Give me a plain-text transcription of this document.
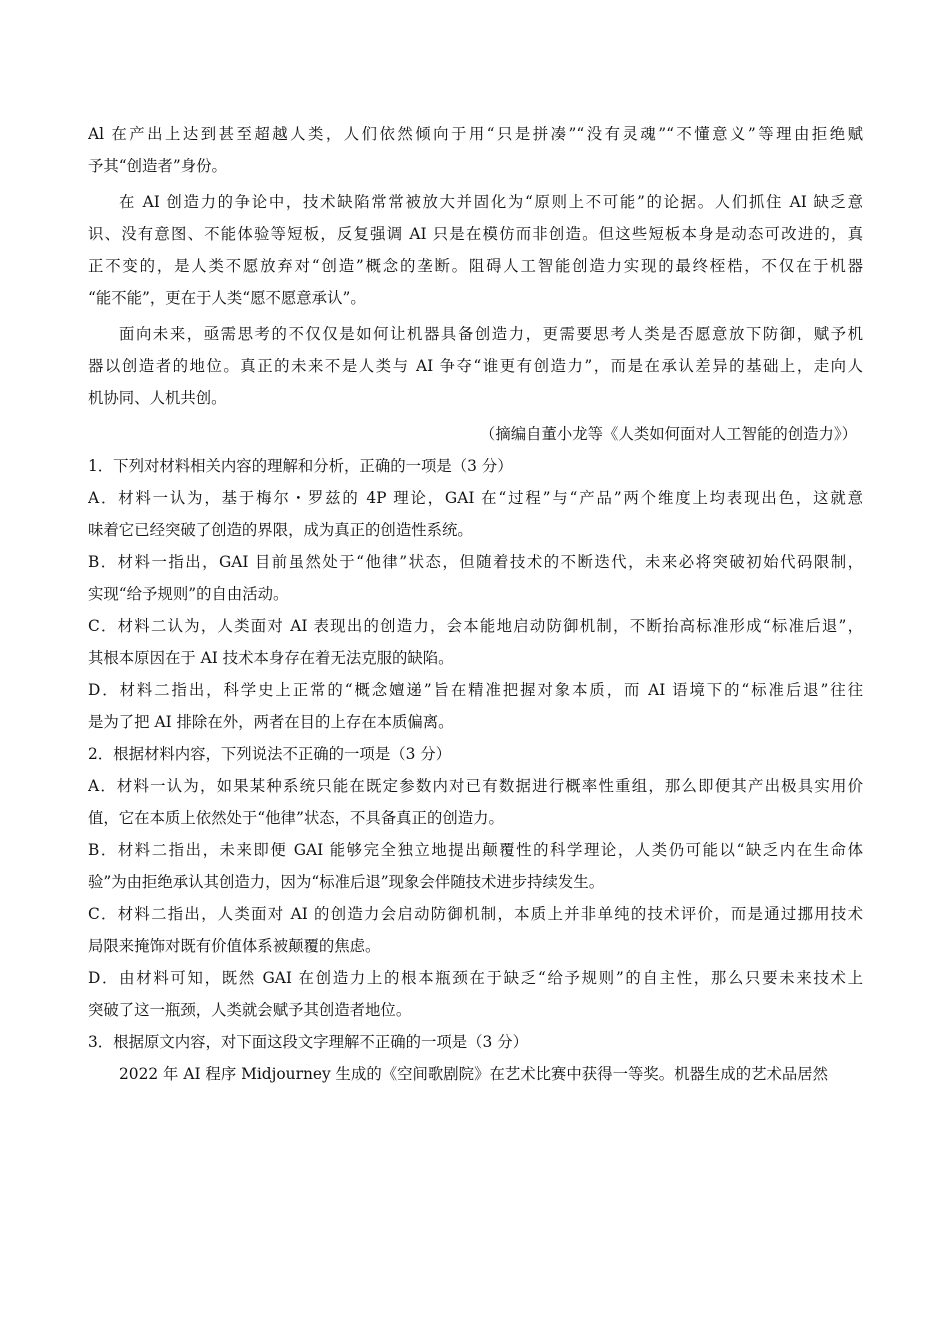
Al 在产出上达到甚至超越人类，人们依然倾向于用“只是拼凑”“没有灵魂”“不懂意义”等理由拒绝赋
予其“创造者”身份。
在 AI 创造力的争论中，技术缺陷常常被放大并固化为“原则上不可能”的论据。人们抓住 AI 缺乏意
识、没有意图、不能体验等短板，反复强调 AI 只是在模仿而非创造。但这些短板本身是动态可改进的，真
正不变的，是人类不愿放弃对“创造”概念的垄断。阻碍人工智能创造力实现的最终桎梏，不仅在于机器
“能不能”，更在于人类“愿不愿意承认”。
面向未来，亟需思考的不仅仅是如何让机器具备创造力，更需要思考人类是否愿意放下防御，赋予机
器以创造者的地位。真正的未来不是人类与 AI 争夺“谁更有创造力”，而是在承认差异的基础上，走向人
机协同、人机共创。
（摘编自董小龙等《人类如何面对人工智能的创造力》）
1．下列对材料相关内容的理解和分析，正确的一项是（3 分）
A．材料一认为，基于梅尔・罗兹的 4P 理论，GAI 在“过程”与“产品”两个维度上均表现出色，这就意
味着它已经突破了创造的界限，成为真正的创造性系统。
B．材料一指出，GAI 目前虽然处于“他律”状态，但随着技术的不断迭代，未来必将突破初始代码限制，
实现“给予规则”的自由活动。
C．材料二认为，人类面对 AI 表现出的创造力，会本能地启动防御机制，不断抬高标准形成“标准后退”，
其根本原因在于 AI 技术本身存在着无法克服的缺陷。
D．材料二指出，科学史上正常的“概念嬗递”旨在精准把握对象本质，而 AI 语境下的“标准后退”往往
是为了把 AI 排除在外，两者在目的上存在本质偏离。
2．根据材料内容，下列说法不正确的一项是（3 分）
A．材料一认为，如果某种系统只能在既定参数内对已有数据进行概率性重组，那么即便其产出极具实用价
值，它在本质上依然处于“他律”状态，不具备真正的创造力。
B．材料二指出，未来即便 GAI 能够完全独立地提出颠覆性的科学理论，人类仍可能以“缺乏内在生命体
验”为由拒绝承认其创造力，因为“标准后退”现象会伴随技术进步持续发生。
C．材料二指出，人类面对 AI 的创造力会启动防御机制，本质上并非单纯的技术评价，而是通过挪用技术
局限来掩饰对既有价值体系被颠覆的焦虑。
D．由材料可知，既然 GAI 在创造力上的根本瓶颈在于缺乏“给予规则”的自主性，那么只要未来技术上
突破了这一瓶颈，人类就会赋予其创造者地位。
3．根据原文内容，对下面这段文字理解不正确的一项是（3 分）
2022 年 AI 程序 Midjourney 生成的《空间歌剧院》在艺术比赛中获得一等奖。机器生成的艺术品居然
